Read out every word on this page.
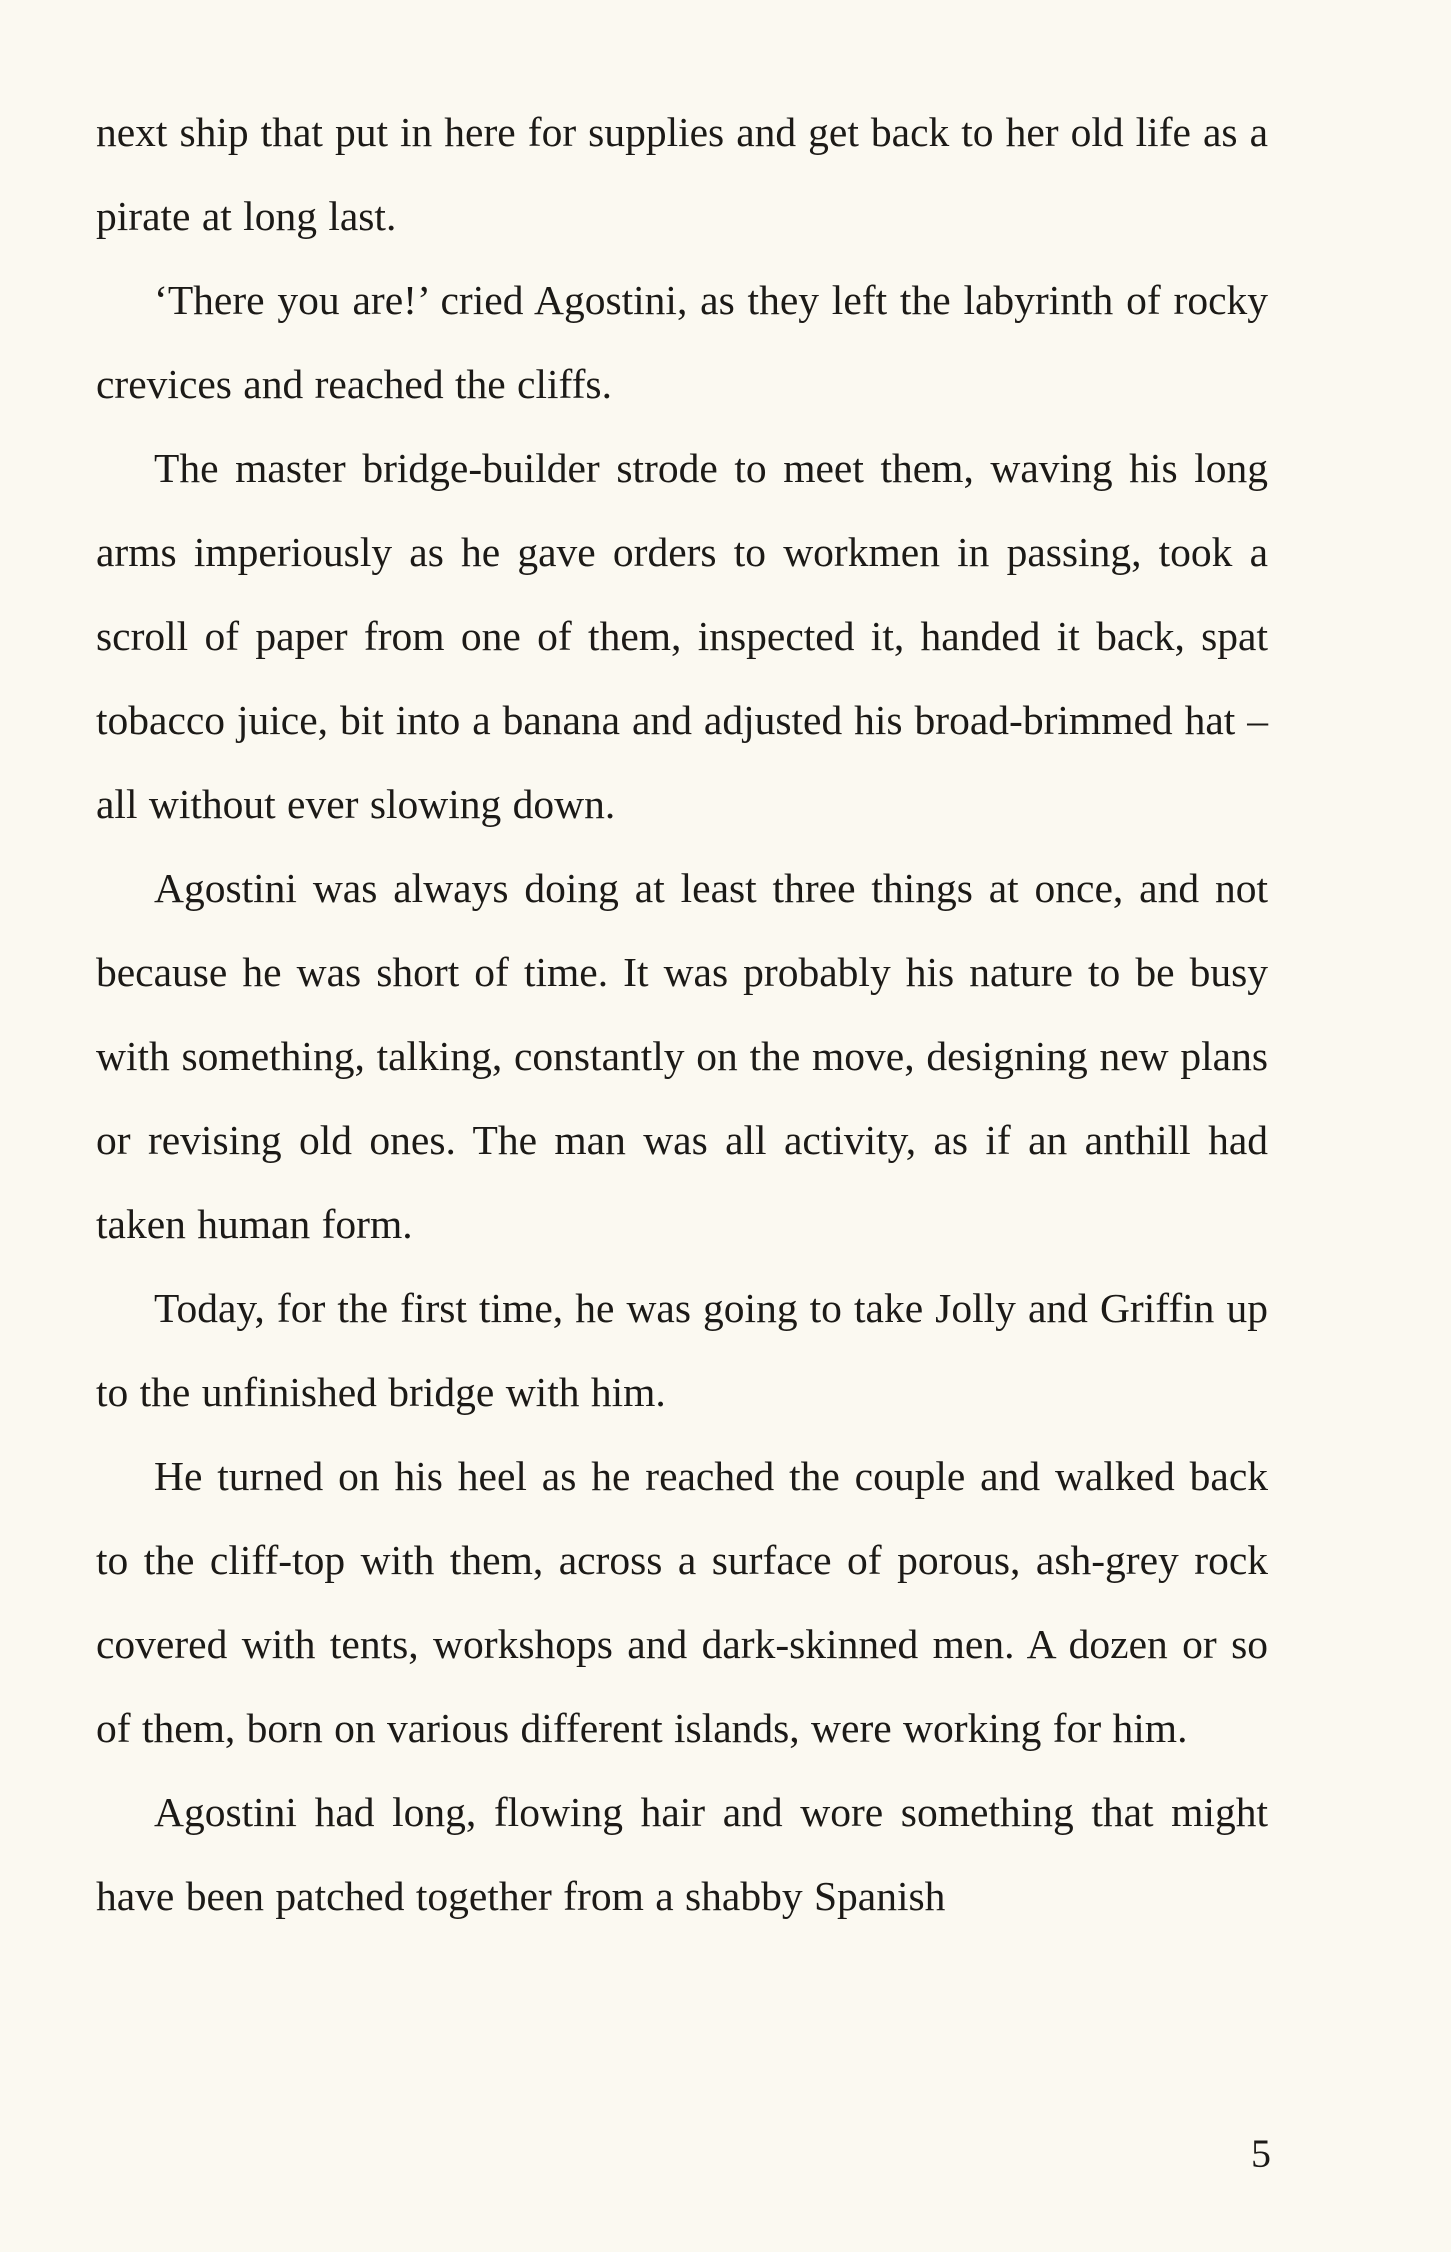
next ship that put in here for supplies and get back to her old life as a pirate at long last.

‘There you are!’ cried Agostini, as they left the labyrinth of rocky crevices and reached the cliffs.

The master bridge-builder strode to meet them, waving his long arms imperiously as he gave orders to workmen in passing, took a scroll of paper from one of them, inspected it, handed it back, spat tobacco juice, bit into a banana and adjusted his broad-brimmed hat – all without ever slowing down.

Agostini was always doing at least three things at once, and not because he was short of time. It was probably his nature to be busy with something, talking, constantly on the move, designing new plans or revising old ones. The man was all activity, as if an anthill had taken human form.

Today, for the first time, he was going to take Jolly and Griffin up to the unfinished bridge with him.

He turned on his heel as he reached the couple and walked back to the cliff-top with them, across a surface of porous, ash-grey rock covered with tents, workshops and dark-skinned men. A dozen or so of them, born on various different islands, were working for him.

Agostini had long, flowing hair and wore something that might have been patched together from a shabby Spanish

5
